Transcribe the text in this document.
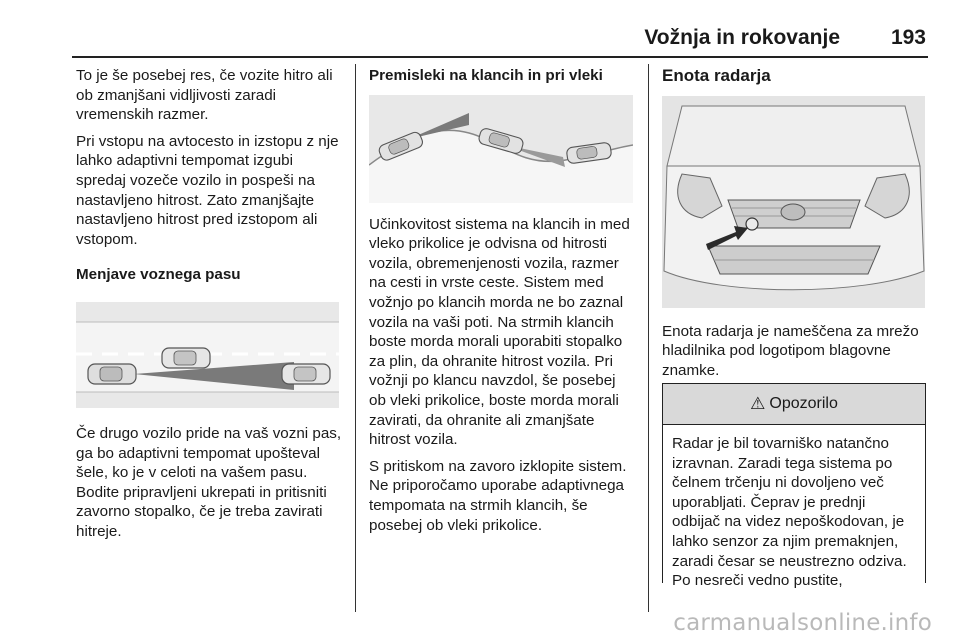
Vožnja in rokovanje 193

To je še posebej res, če vozite hitro ali ob zmanjšani vidljivosti zaradi vremenskih razmer.

Pri vstopu na avtocesto in izstopu z nje lahko adaptivni tempomat izgubi spredaj vozeče vozilo in pospeši na nastavljeno hitrost. Zato zmanjšajte nastavljeno hitrost pred izstopom ali vstopom.

Menjave voznega pasu

Če drugo vozilo pride na vaš vozni pas, ga bo adaptivni tempomat upošteval šele, ko je v celoti na vašem pasu. Bodite pripravljeni ukrepati in pritisniti zavorno stopalko, če je treba zavirati hitreje.

Premisleki na klancih in pri vleki

Učinkovitost sistema na klancih in med vleko prikolice je odvisna od hitrosti vozila, obremenjenosti vozila, razmer na cesti in vrste ceste. Sistem med vožnjo po klancih morda ne bo zaznal vozila na vaši poti. Na strmih klancih boste morda morali uporabiti stopalko za plin, da ohranite hitrost vozila. Pri vožnji po klancu navzdol, še posebej ob vleki prikolice, boste morda morali zavirati, da ohranite ali zmanjšate hitrost vozila.

S pritiskom na zavoro izklopite sistem. Ne priporočamo uporabe adaptivnega tempomata na strmih klancih, še posebej ob vleki prikolice.

Enota radarja

Enota radarja je nameščena za mrežo hladilnika pod logotipom blagovne znamke.

⚠ Opozorilo
Radar je bil tovarniško natančno izravnan. Zaradi tega sistema po čelnem trčenju ni dovoljeno več uporabljati. Čeprav je prednji odbijač na videz nepoškodovan, je lahko senzor za njim premaknjen, zaradi česar se neustrezno odziva. Po nesreči vedno pustite,
carmanualsonline.info
